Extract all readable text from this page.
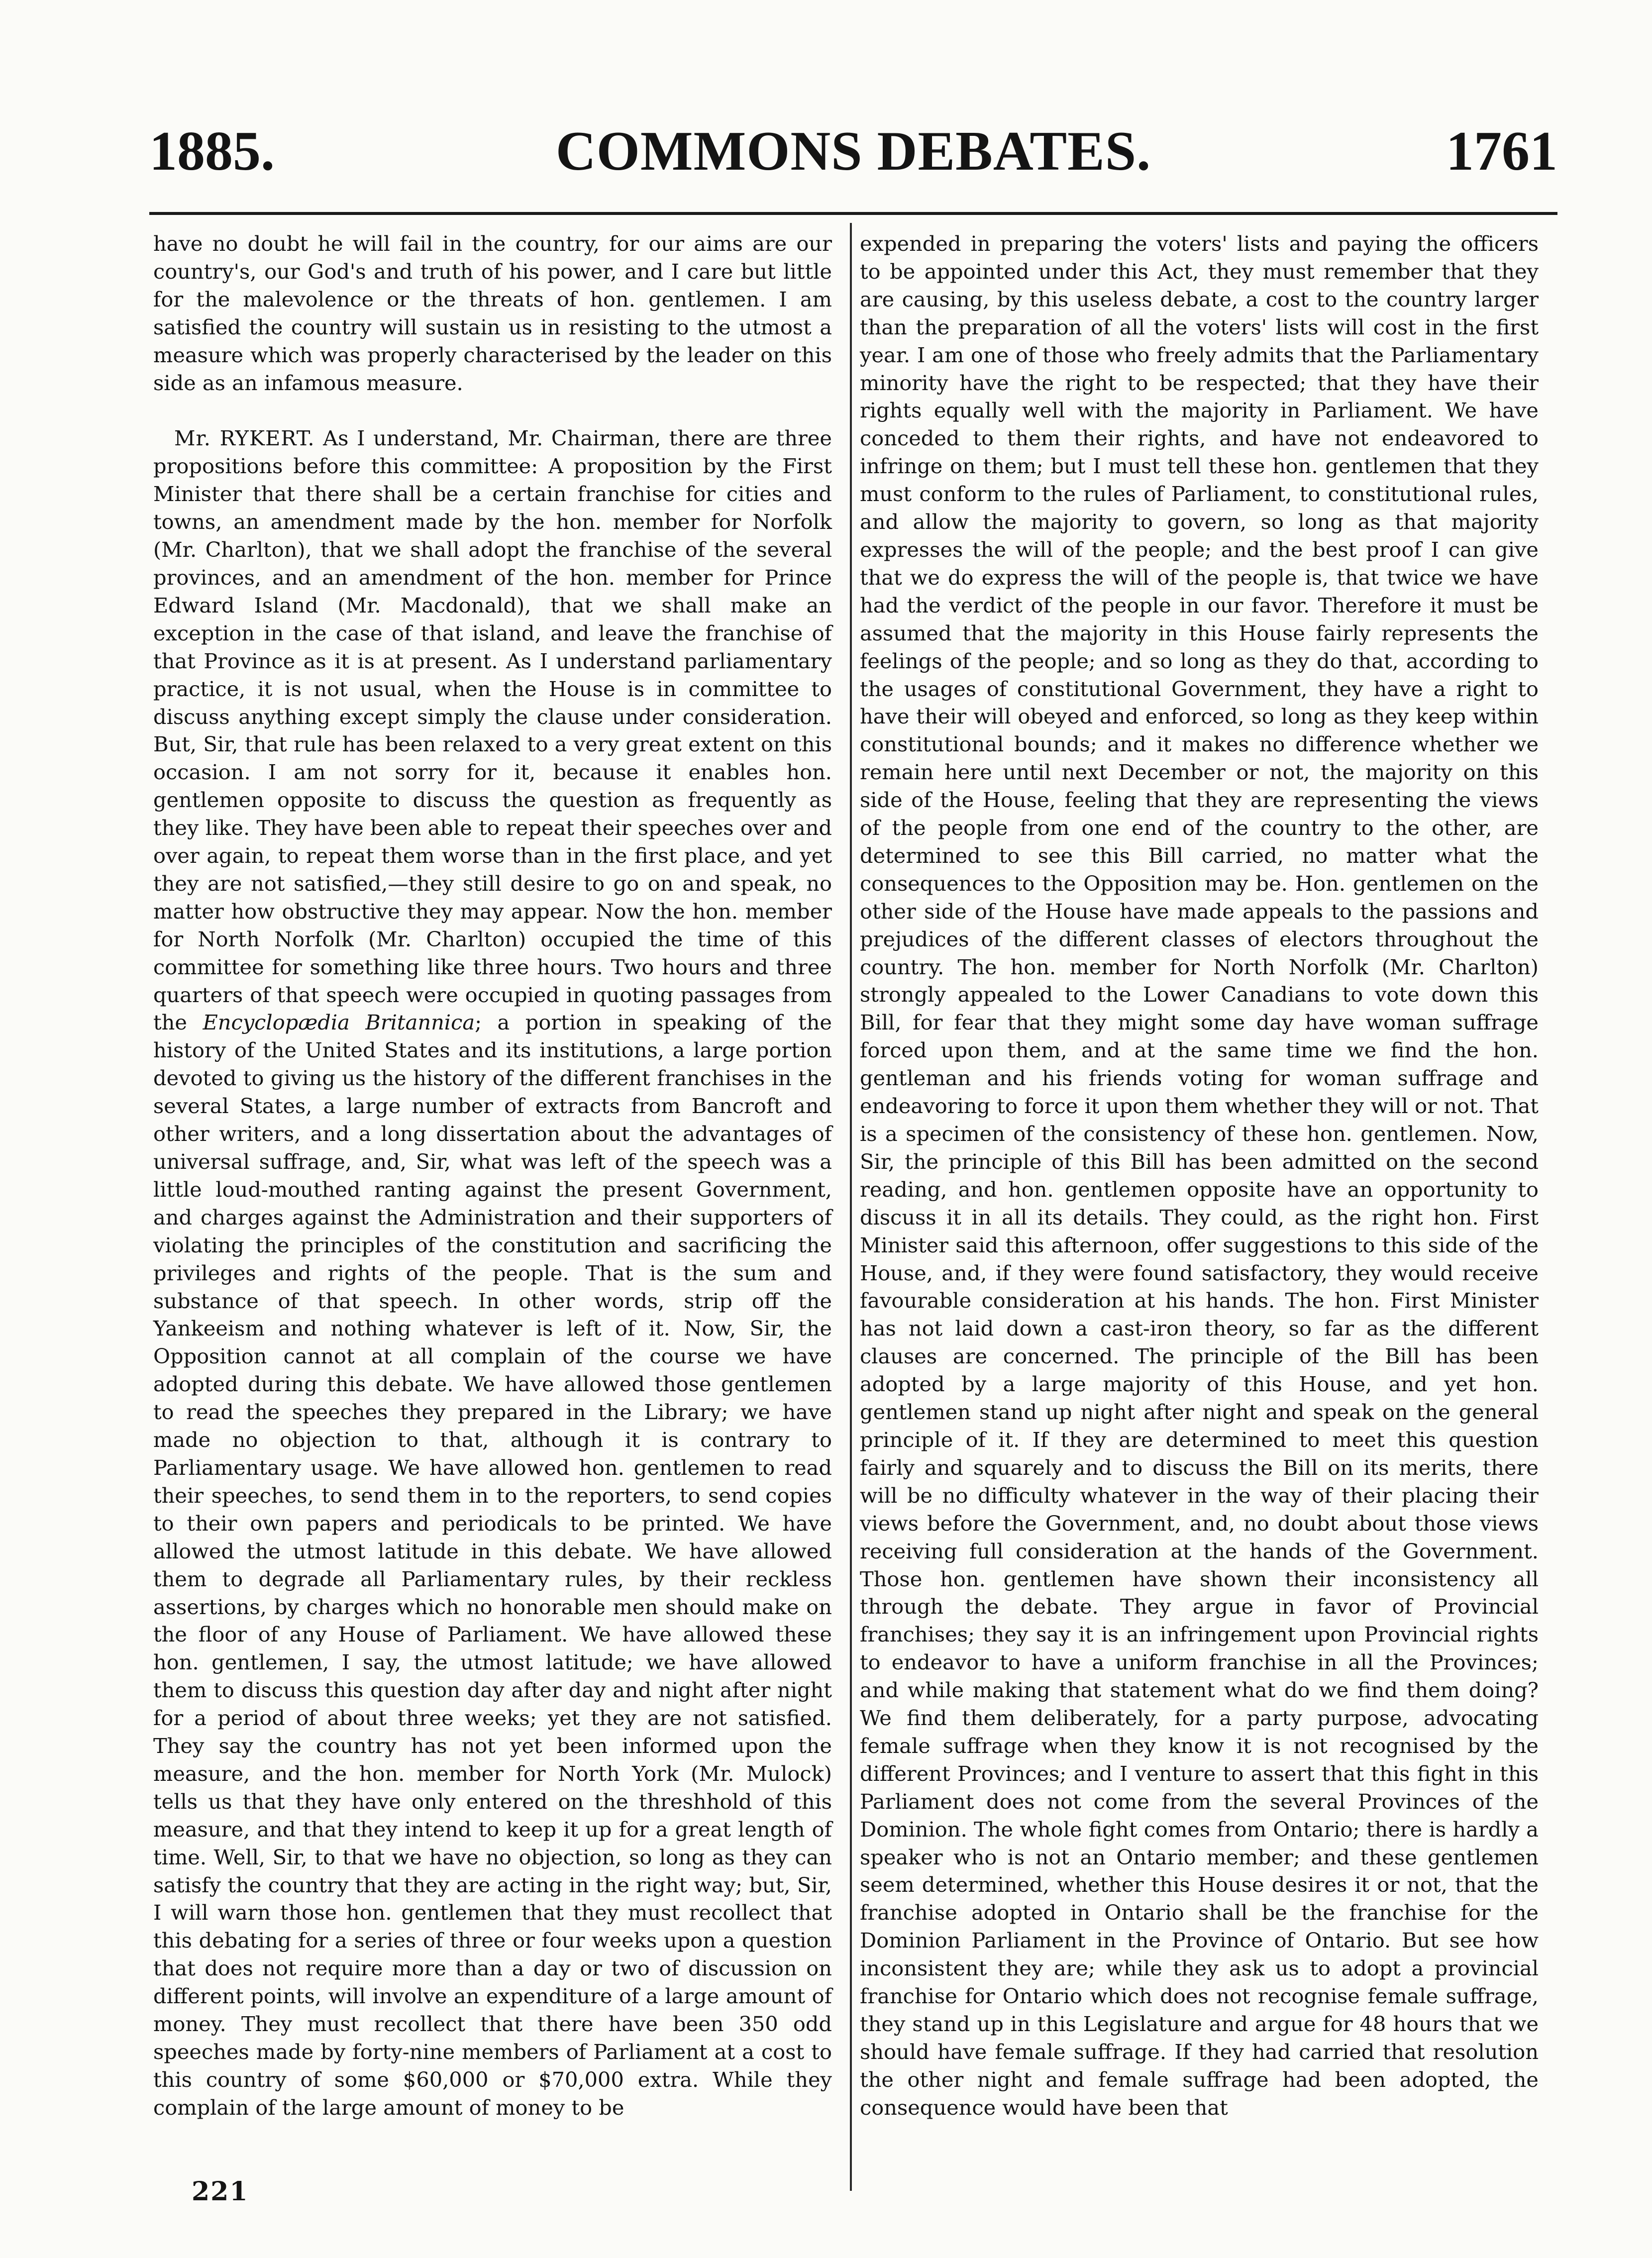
1885.	COMMONS DEBATES.	1761

have no doubt he will fail in the country, for our aims are our country's, our God's and truth of his power, and I care but little for the malevolence or the threats of hon. gentlemen. I am satisfied the country will sustain us in resisting to the utmost a measure which was properly characterised by the leader on this side as an infamous measure.

Mr. RYKERT. As I understand, Mr. Chairman, there are three propositions before this committee: A proposition by the First Minister that there shall be a certain franchise for cities and towns, an amendment made by the hon. member for Norfolk (Mr. Charlton), that we shall adopt the franchise of the several provinces, and an amendment of the hon. member for Prince Edward Island (Mr. Macdonald), that we shall make an exception in the case of that island, and leave the franchise of that Province as it is at present. As I understand parliamentary practice, it is not usual, when the House is in committee to discuss anything except simply the clause under consideration. But, Sir, that rule has been relaxed to a very great extent on this occasion. I am not sorry for it, because it enables hon. gentlemen opposite to discuss the question as frequently as they like. They have been able to repeat their speeches over and over again, to repeat them worse than in the first place, and yet they are not satisfied,—they still desire to go on and speak, no matter how obstructive they may appear. Now the hon. member for North Norfolk (Mr. Charlton) occupied the time of this committee for something like three hours. Two hours and three quarters of that speech were occupied in quoting passages from the Encyclopædia Britannica; a portion in speaking of the history of the United States and its institutions, a large portion devoted to giving us the history of the different franchises in the several States, a large number of extracts from Bancroft and other writers, and a long dissertation about the advantages of universal suffrage, and, Sir, what was left of the speech was a little loud-mouthed ranting against the present Government, and charges against the Administration and their supporters of violating the principles of the constitution and sacrificing the privileges and rights of the people. That is the sum and substance of that speech. In other words, strip off the Yankeeism and nothing whatever is left of it. Now, Sir, the Opposition cannot at all complain of the course we have adopted during this debate. We have allowed those gentlemen to read the speeches they prepared in the Library; we have made no objection to that, although it is contrary to Parliamentary usage. We have allowed hon. gentlemen to read their speeches, to send them in to the reporters, to send copies to their own papers and periodicals to be printed. We have allowed the utmost latitude in this debate. We have allowed them to degrade all Parliamentary rules, by their reckless assertions, by charges which no honorable men should make on the floor of any House of Parliament. We have allowed these hon. gentlemen, I say, the utmost latitude; we have allowed them to discuss this question day after day and night after night for a period of about three weeks; yet they are not satisfied. They say the country has not yet been informed upon the measure, and the hon. member for North York (Mr. Mulock) tells us that they have only entered on the threshhold of this measure, and that they intend to keep it up for a great length of time. Well, Sir, to that we have no objection, so long as they can satisfy the country that they are acting in the right way; but, Sir, I will warn those hon. gentlemen that they must recollect that this debating for a series of three or four weeks upon a question that does not require more than a day or two of discussion on different points, will involve an expenditure of a large amount of money. They must recollect that there have been 350 odd speeches made by forty-nine members of Parliament at a cost to this country of some $60,000 or $70,000 extra. While they complain of the large amount of money to be

expended in preparing the voters' lists and paying the officers to be appointed under this Act, they must remember that they are causing, by this useless debate, a cost to the country larger than the preparation of all the voters' lists will cost in the first year. I am one of those who freely admits that the Parliamentary minority have the right to be respected; that they have their rights equally well with the majority in Parliament. We have conceded to them their rights, and have not endeavored to infringe on them; but I must tell these hon. gentlemen that they must conform to the rules of Parliament, to constitutional rules, and allow the majority to govern, so long as that majority expresses the will of the people; and the best proof I can give that we do express the will of the people is, that twice we have had the verdict of the people in our favor. Therefore it must be assumed that the majority in this House fairly represents the feelings of the people; and so long as they do that, according to the usages of constitutional Government, they have a right to have their will obeyed and enforced, so long as they keep within constitutional bounds; and it makes no difference whether we remain here until next December or not, the majority on this side of the House, feeling that they are representing the views of the people from one end of the country to the other, are determined to see this Bill carried, no matter what the consequences to the Opposition may be. Hon. gentlemen on the other side of the House have made appeals to the passions and prejudices of the different classes of electors throughout the country. The hon. member for North Norfolk (Mr. Charlton) strongly appealed to the Lower Canadians to vote down this Bill, for fear that they might some day have woman suffrage forced upon them, and at the same time we find the hon. gentleman and his friends voting for woman suffrage and endeavoring to force it upon them whether they will or not. That is a specimen of the consistency of these hon. gentlemen. Now, Sir, the principle of this Bill has been admitted on the second reading, and hon. gentlemen opposite have an opportunity to discuss it in all its details. They could, as the right hon. First Minister said this afternoon, offer suggestions to this side of the House, and, if they were found satisfactory, they would receive favourable consideration at his hands. The hon. First Minister has not laid down a cast-iron theory, so far as the different clauses are concerned. The principle of the Bill has been adopted by a large majority of this House, and yet hon. gentlemen stand up night after night and speak on the general principle of it. If they are determined to meet this question fairly and squarely and to discuss the Bill on its merits, there will be no difficulty whatever in the way of their placing their views before the Government, and, no doubt about those views receiving full consideration at the hands of the Government. Those hon. gentlemen have shown their inconsistency all through the debate. They argue in favor of Provincial franchises; they say it is an infringement upon Provincial rights to endeavor to have a uniform franchise in all the Provinces; and while making that statement what do we find them doing? We find them deliberately, for a party purpose, advocating female suffrage when they know it is not recognised by the different Provinces; and I venture to assert that this fight in this Parliament does not come from the several Provinces of the Dominion. The whole fight comes from Ontario; there is hardly a speaker who is not an Ontario member; and these gentlemen seem determined, whether this House desires it or not, that the franchise adopted in Ontario shall be the franchise for the Dominion Parliament in the Province of Ontario. But see how inconsistent they are; while they ask us to adopt a provincial franchise for Ontario which does not recognise female suffrage, they stand up in this Legislature and argue for 48 hours that we should have female suffrage. If they had carried that resolution the other night and female suffrage had been adopted, the consequence would have been that

221
